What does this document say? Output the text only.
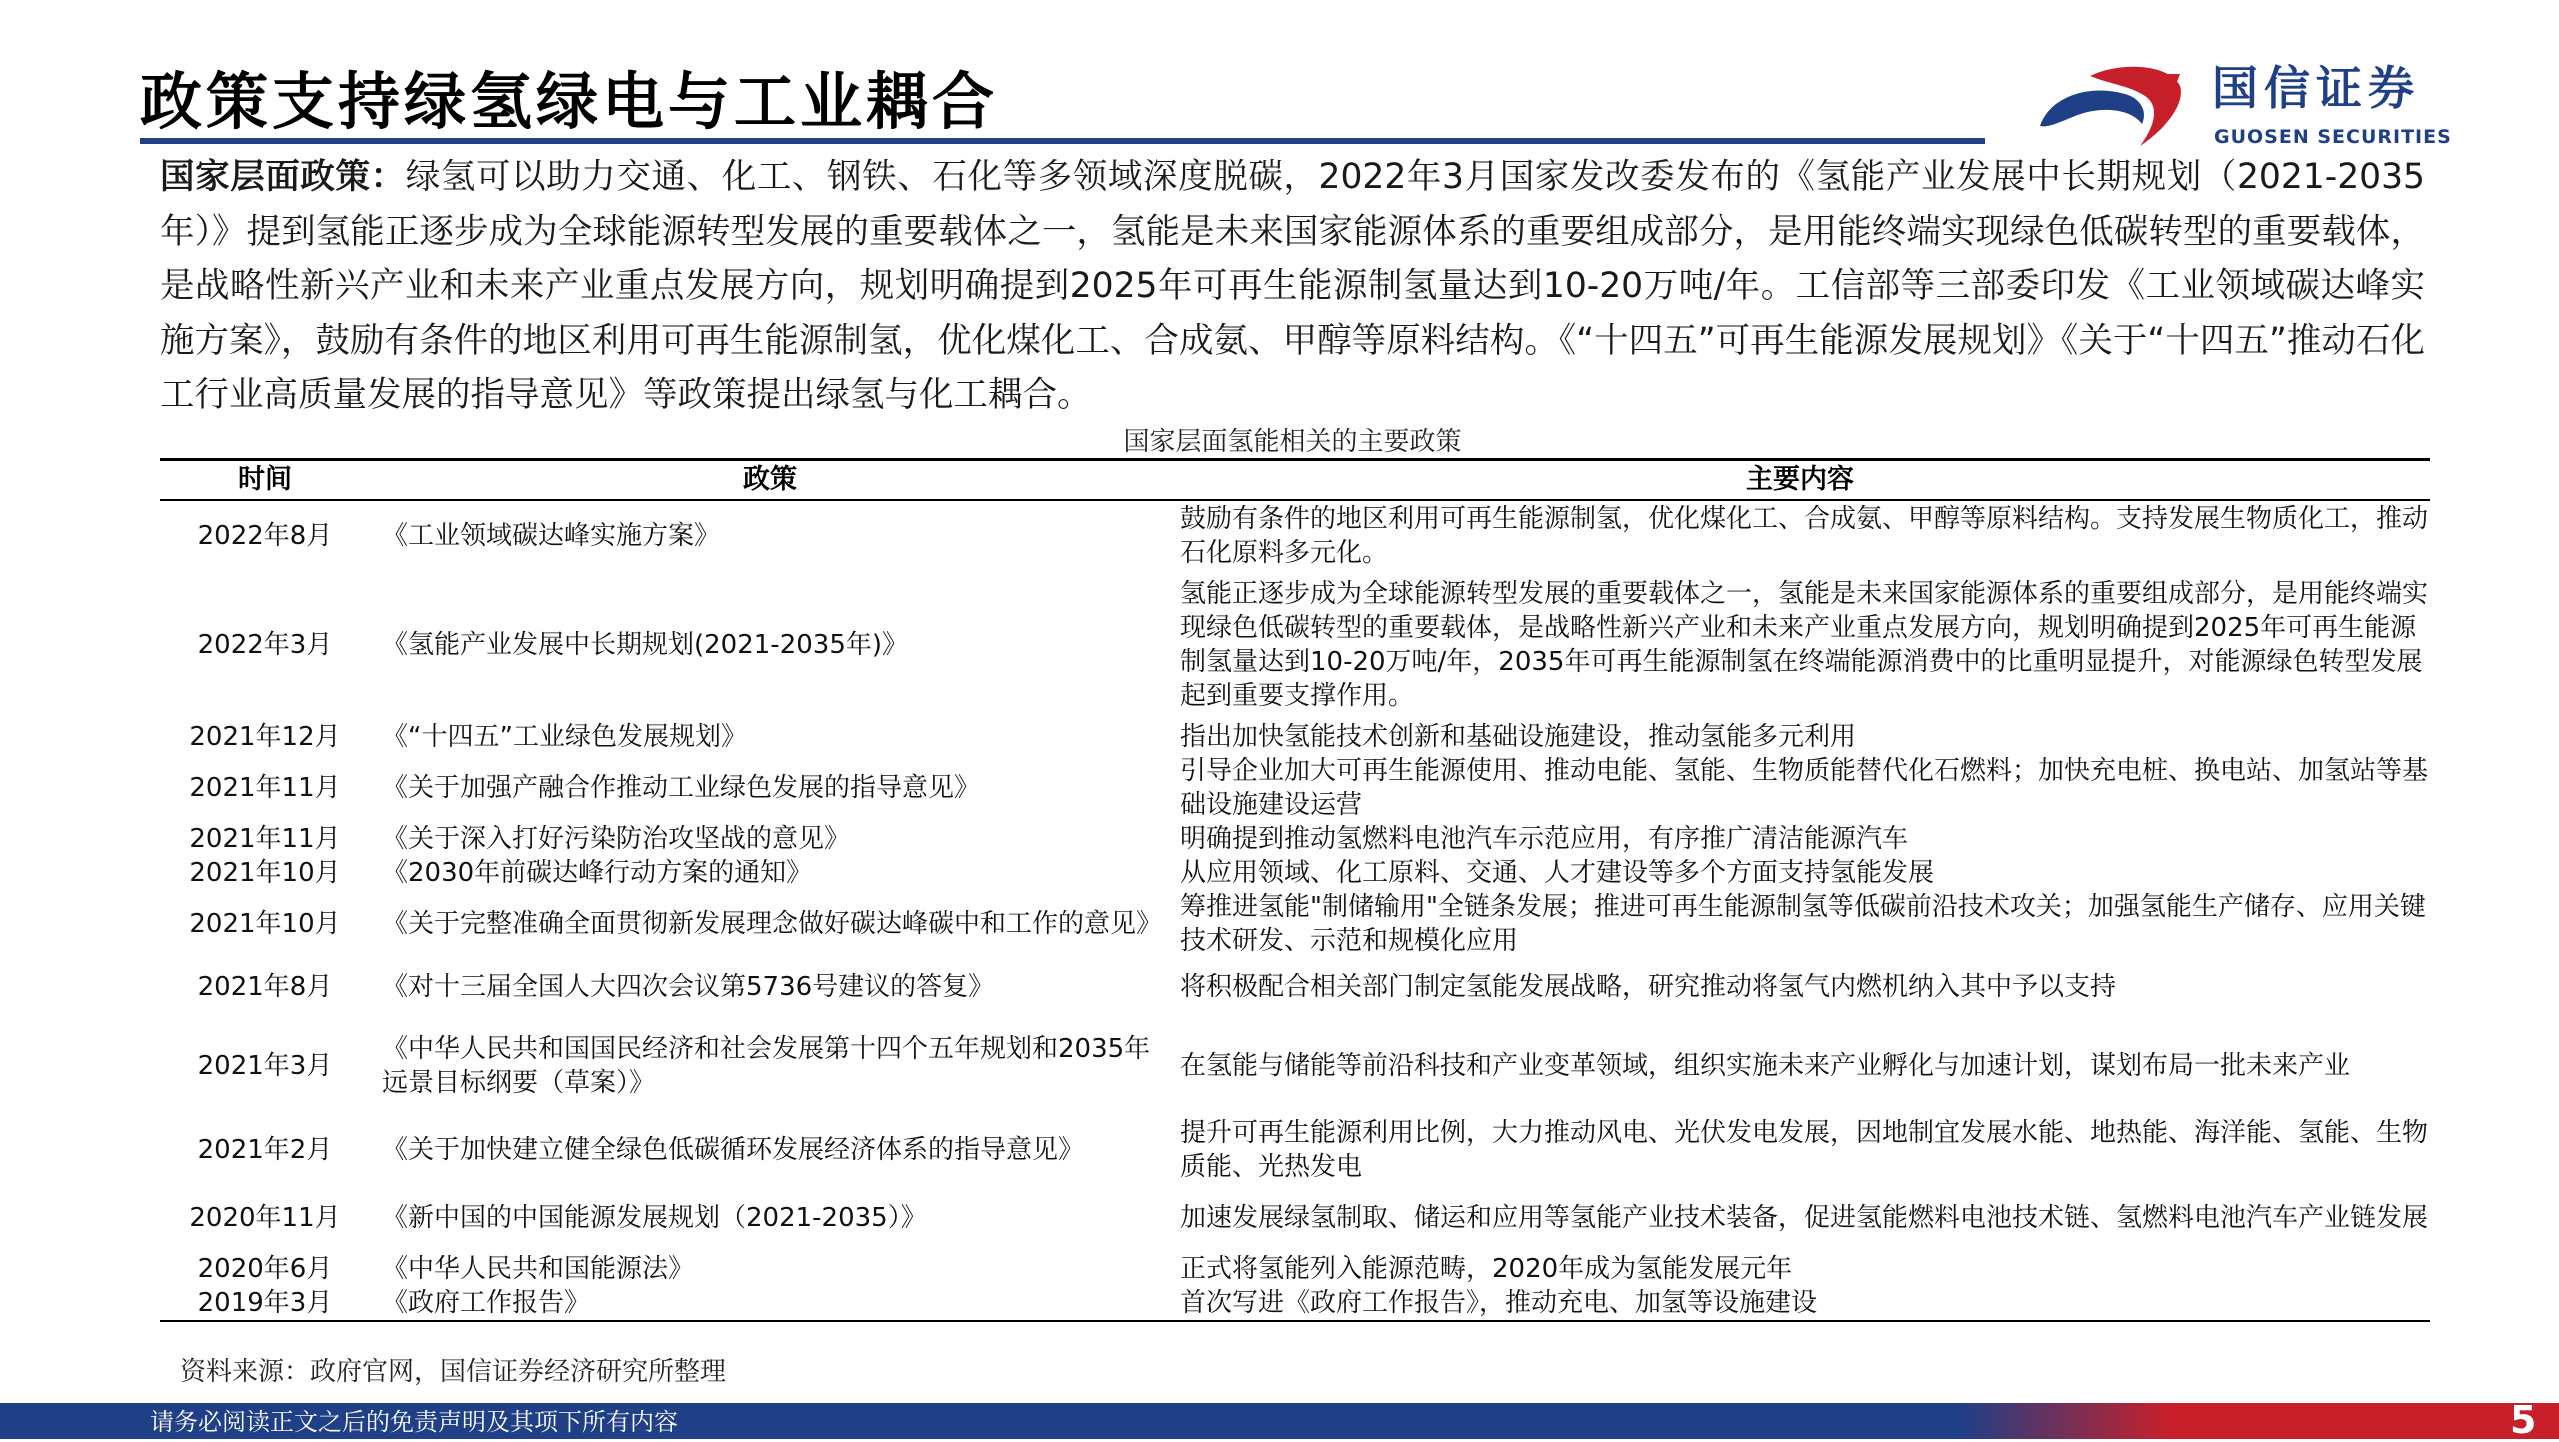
政策支持绿氢绿电与工业耦合	国信证券
GUOSEN SECURITIES
国家层面政策：绿氢可以助力交通、化工、钢铁、石化等多领域深度脱碳，2022年3月国家发改委发布的《氢能产业发展中长期规划（2021-2035年）》提到氢能正逐步成为全球能源转型发展的重要载体之一，氢能是未来国家能源体系的重要组成部分，是用能终端实现绿色低碳转型的重要载体，是战略性新兴产业和未来产业重点发展方向，规划明确提到2025年可再生能源制氢量达到10-20万吨/年。工信部等三部委印发《工业领域碳达峰实施方案》，鼓励有条件的地区利用可再生能源制氢，优化煤化工、合成氨、甲醇等原料结构。《“十四五”可再生能源发展规划》《关于“十四五”推动石化工行业高质量发展的指导意见》等政策提出绿氢与化工耦合。
国家层面氢能相关的主要政策
时间	政策	主要内容
2022年8月	《工业领域碳达峰实施方案》	鼓励有条件的地区利用可再生能源制氢，优化煤化工、合成氨、甲醇等原料结构。支持发展生物质化工，推动石化原料多元化。
2022年3月	《氢能产业发展中长期规划(2021-2035年)》	氢能正逐步成为全球能源转型发展的重要载体之一，氢能是未来国家能源体系的重要组成部分，是用能终端实现绿色低碳转型的重要载体，是战略性新兴产业和未来产业重点发展方向，规划明确提到2025年可再生能源制氢量达到10-20万吨/年，2035年可再生能源制氢在终端能源消费中的比重明显提升，对能源绿色转型发展起到重要支撑作用。
2021年12月	《“十四五”工业绿色发展规划》	指出加快氢能技术创新和基础设施建设，推动氢能多元利用
2021年11月	《关于加强产融合作推动工业绿色发展的指导意见》	引导企业加大可再生能源使用、推动电能、氢能、生物质能替代化石燃料；加快充电桩、换电站、加氢站等基础设施建设运营
2021年11月	《关于深入打好污染防治攻坚战的意见》	明确提到推动氢燃料电池汽车示范应用，有序推广清洁能源汽车
2021年10月	《2030年前碳达峰行动方案的通知》	从应用领域、化工原料、交通、人才建设等多个方面支持氢能发展
2021年10月	《关于完整准确全面贯彻新发展理念做好碳达峰碳中和工作的意见》	筹推进氢能"制储输用"全链条发展；推进可再生能源制氢等低碳前沿技术攻关；加强氢能生产储存、应用关键技术研发、示范和规模化应用
2021年8月	《对十三届全国人大四次会议第5736号建议的答复》	将积极配合相关部门制定氢能发展战略，研究推动将氢气内燃机纳入其中予以支持
2021年3月	《中华人民共和国国民经济和社会发展第十四个五年规划和2035年远景目标纲要（草案）》	在氢能与储能等前沿科技和产业变革领域，组织实施未来产业孵化与加速计划，谋划布局一批未来产业
2021年2月	《关于加快建立健全绿色低碳循环发展经济体系的指导意见》	提升可再生能源利用比例，大力推动风电、光伏发电发展，因地制宜发展水能、地热能、海洋能、氢能、生物质能、光热发电
2020年11月	《新中国的中国能源发展规划（2021-2035）》	加速发展绿氢制取、储运和应用等氢能产业技术装备，促进氢能燃料电池技术链、氢燃料电池汽车产业链发展
2020年6月	《中华人民共和国能源法》	正式将氢能列入能源范畴，2020年成为氢能发展元年
2019年3月	《政府工作报告》	首次写进《政府工作报告》，推动充电、加氢等设施建设
资料来源：政府官网，国信证券经济研究所整理
请务必阅读正文之后的免责声明及其项下所有内容	5
